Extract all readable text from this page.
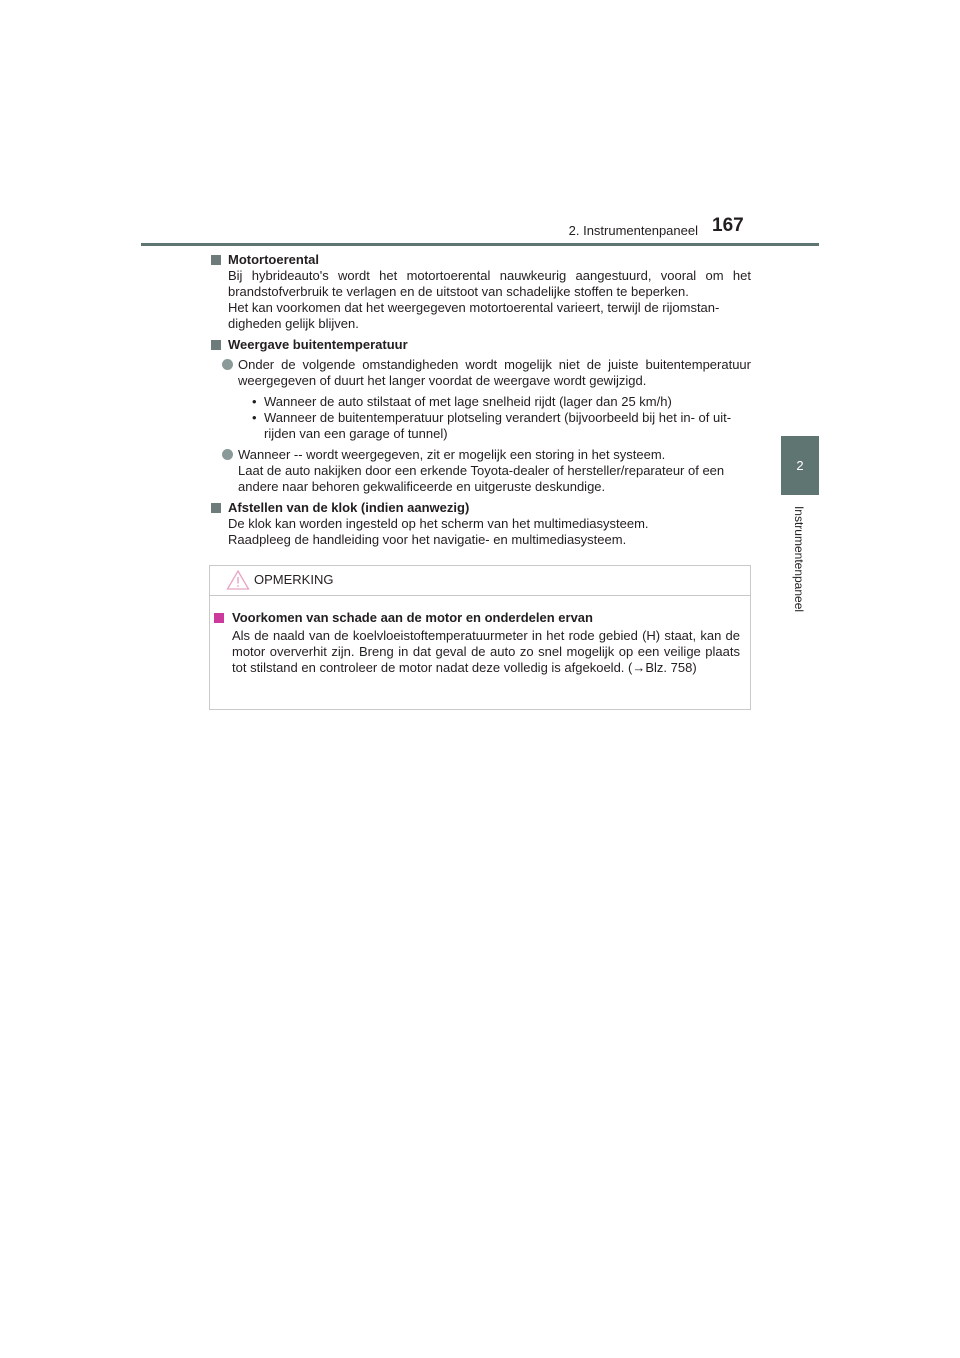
2. Instrumentenpaneel 167
2
Instrumentenpaneel
Motortoerental
Bij hybrideauto's wordt het motortoerental nauwkeurig aangestuurd, vooral om het brandstofverbruik te verlagen en de uitstoot van schadelijke stoffen te beperken.
Het kan voorkomen dat het weergegeven motortoerental varieert, terwijl de rijomstan- digheden gelijk blijven.
Weergave buitentemperatuur
Onder de volgende omstandigheden wordt mogelijk niet de juiste buitentemperatuur weergegeven of duurt het langer voordat de weergave wordt gewijzigd.
• Wanneer de auto stilstaat of met lage snelheid rijdt (lager dan 25 km/h)
• Wanneer de buitentemperatuur plotseling verandert (bijvoorbeeld bij het in- of uit- rijden van een garage of tunnel)
Wanneer -- wordt weergegeven, zit er mogelijk een storing in het systeem.
Laat de auto nakijken door een erkende Toyota-dealer of hersteller/reparateur of een andere naar behoren gekwalificeerde en uitgeruste deskundige.
Afstellen van de klok (indien aanwezig)
De klok kan worden ingesteld op het scherm van het multimediasysteem.
Raadpleeg de handleiding voor het navigatie- en multimediasysteem.
OPMERKING
Voorkomen van schade aan de motor en onderdelen ervan
Als de naald van de koelvloeistoftemperatuurmeter in het rode gebied (H) staat, kan de motor oververhit zijn. Breng in dat geval de auto zo snel mogelijk op een veilige plaats tot stilstand en controleer de motor nadat deze volledig is afgekoeld. (→Blz. 758)
